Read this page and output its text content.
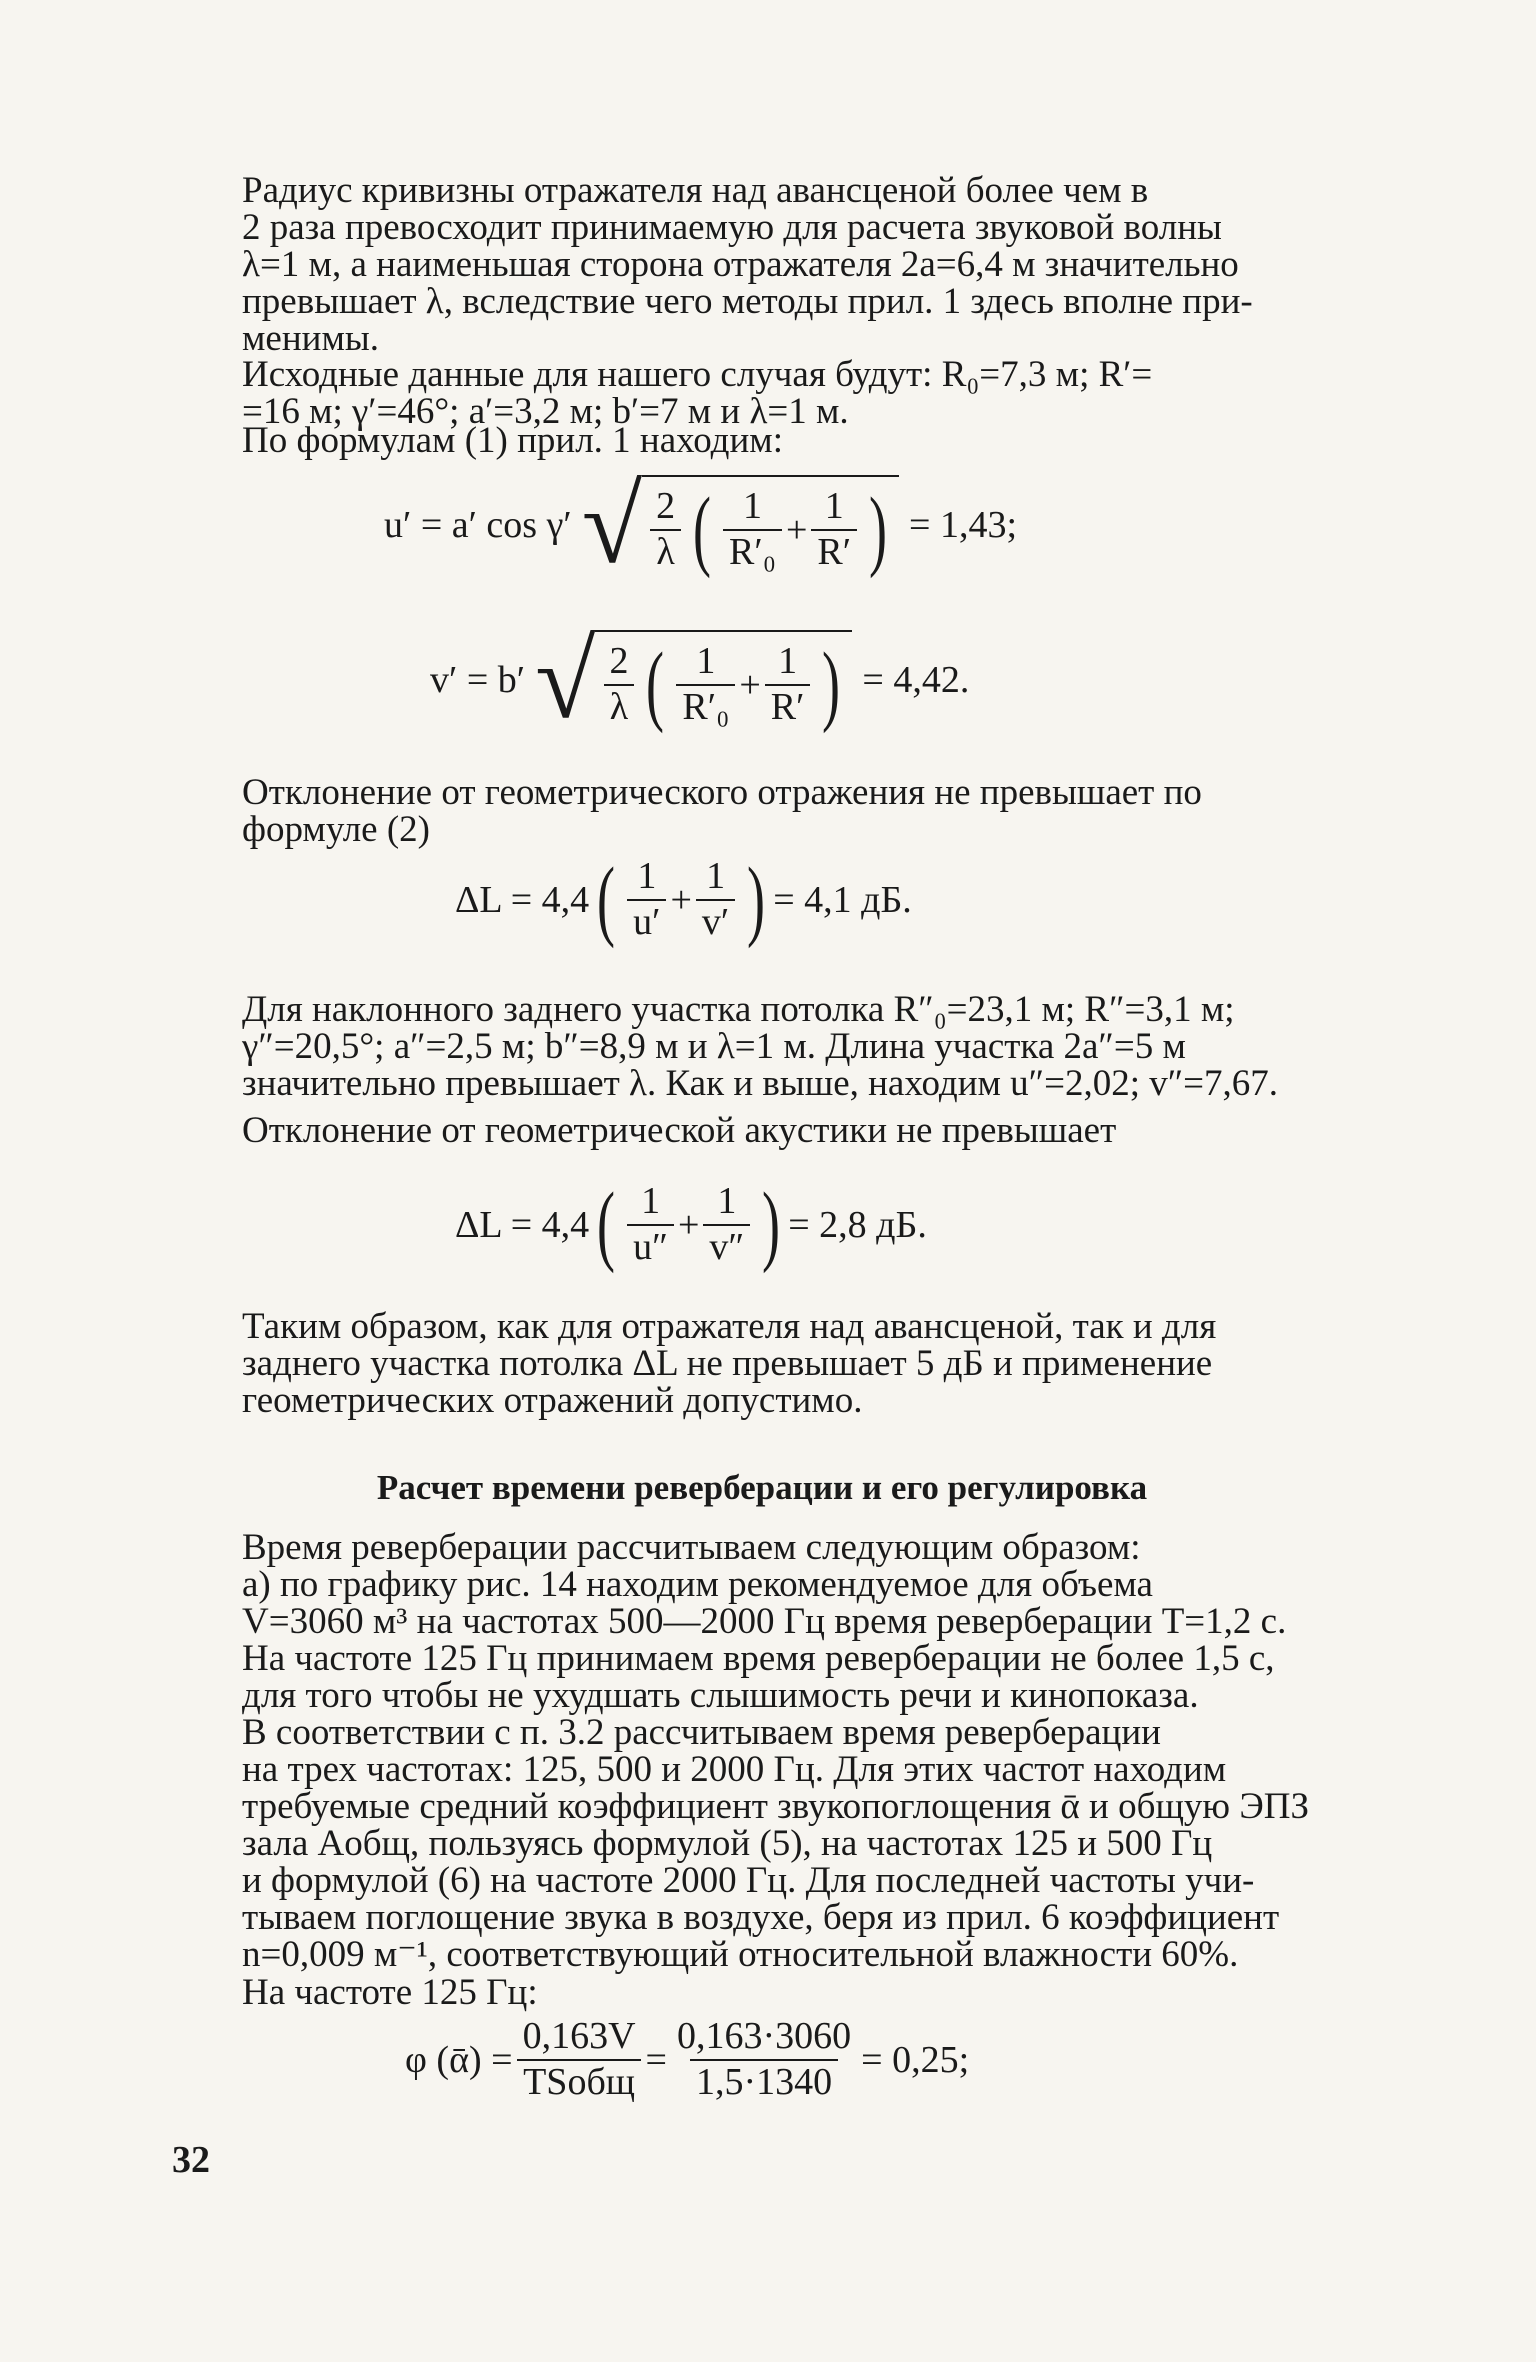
Радиус кривизны отражателя над авансценой более чем в
2 раза превосходит принимаемую для расчета звуковой волны
λ=1 м, а наименьшая сторона отражателя 2a=6,4 м значительно
превышает λ, вследствие чего методы прил. 1 здесь вполне при-
менимы.

Исходные данные для нашего случая будут: R₀=7,3 м; R′=
=16 м; γ′=46°; a′=3,2 м; b′=7 м и λ=1 м.

По формулам (1) прил. 1 находим:

u′ = a′ cos γ′ √ $\frac{2}{\lambda}$ ( $\frac{1}{\text{R′₀}} + \frac{1}{R'}$ ) = 1,43;
v′ = b′ √ $\frac{2}{\lambda}$ ( $\frac{1}{\text{R′₀}} + \frac{1}{R'}$ ) = 4,42.

Отклонение от геометрического отражения не превышает по
формуле (2)

ΔL = 4,4 ( $\frac{1}{u'} + \frac{1}{v'}$ ) = 4,1 дБ.

Для наклонного заднего участка потолка R″₀=23,1 м; R″=3,1 м;
γ″=20,5°; a″=2,5 м; b″=8,9 м и λ=1 м. Длина участка 2a″=5 м
значительно превышает λ. Как и выше, находим u″=2,02; v″=7,67.

Отклонение от геометрической акустики не превышает

ΔL = 4,4 ( $\frac{1}{u''} + \frac{1}{v''}$ ) = 2,8 дБ.

Таким образом, как для отражателя над авансценой, так и для
заднего участка потолка ΔL не превышает 5 дБ и применение
геометрических отражений допустимо.

Расчет времени реверберации и его регулировка

Время реверберации рассчитываем следующим образом:

а) по графику рис. 14 находим рекомендуемое для объема
V=3060 м³ на частотах 500—2000 Гц время реверберации T=1,2 с.
На частоте 125 Гц принимаем время реверберации не более 1,5 с,
для того чтобы не ухудшать слышимость речи и кинопоказа.

В соответствии с п. 3.2 рассчитываем время реверберации
на трех частотах: 125, 500 и 2000 Гц. Для этих частот находим
требуемые средний коэффициент звукопоглощения ᾱ и общую ЭПЗ
зала Aобщ, пользуясь формулой (5), на частотах 125 и 500 Гц
и формулой (6) на частоте 2000 Гц. Для последней частоты учи-
тываем поглощение звука в воздухе, беря из прил. 6 коэффициент
n=0,009 м⁻¹, соответствующий относительной влажности 60%.

На частоте 125 Гц:

φ (ᾱ) = $\frac{0,163V}{\text{TSобщ}} = \frac{0,163\cdot 3060}{1,5\cdot 1340} = 0,25$;
32
